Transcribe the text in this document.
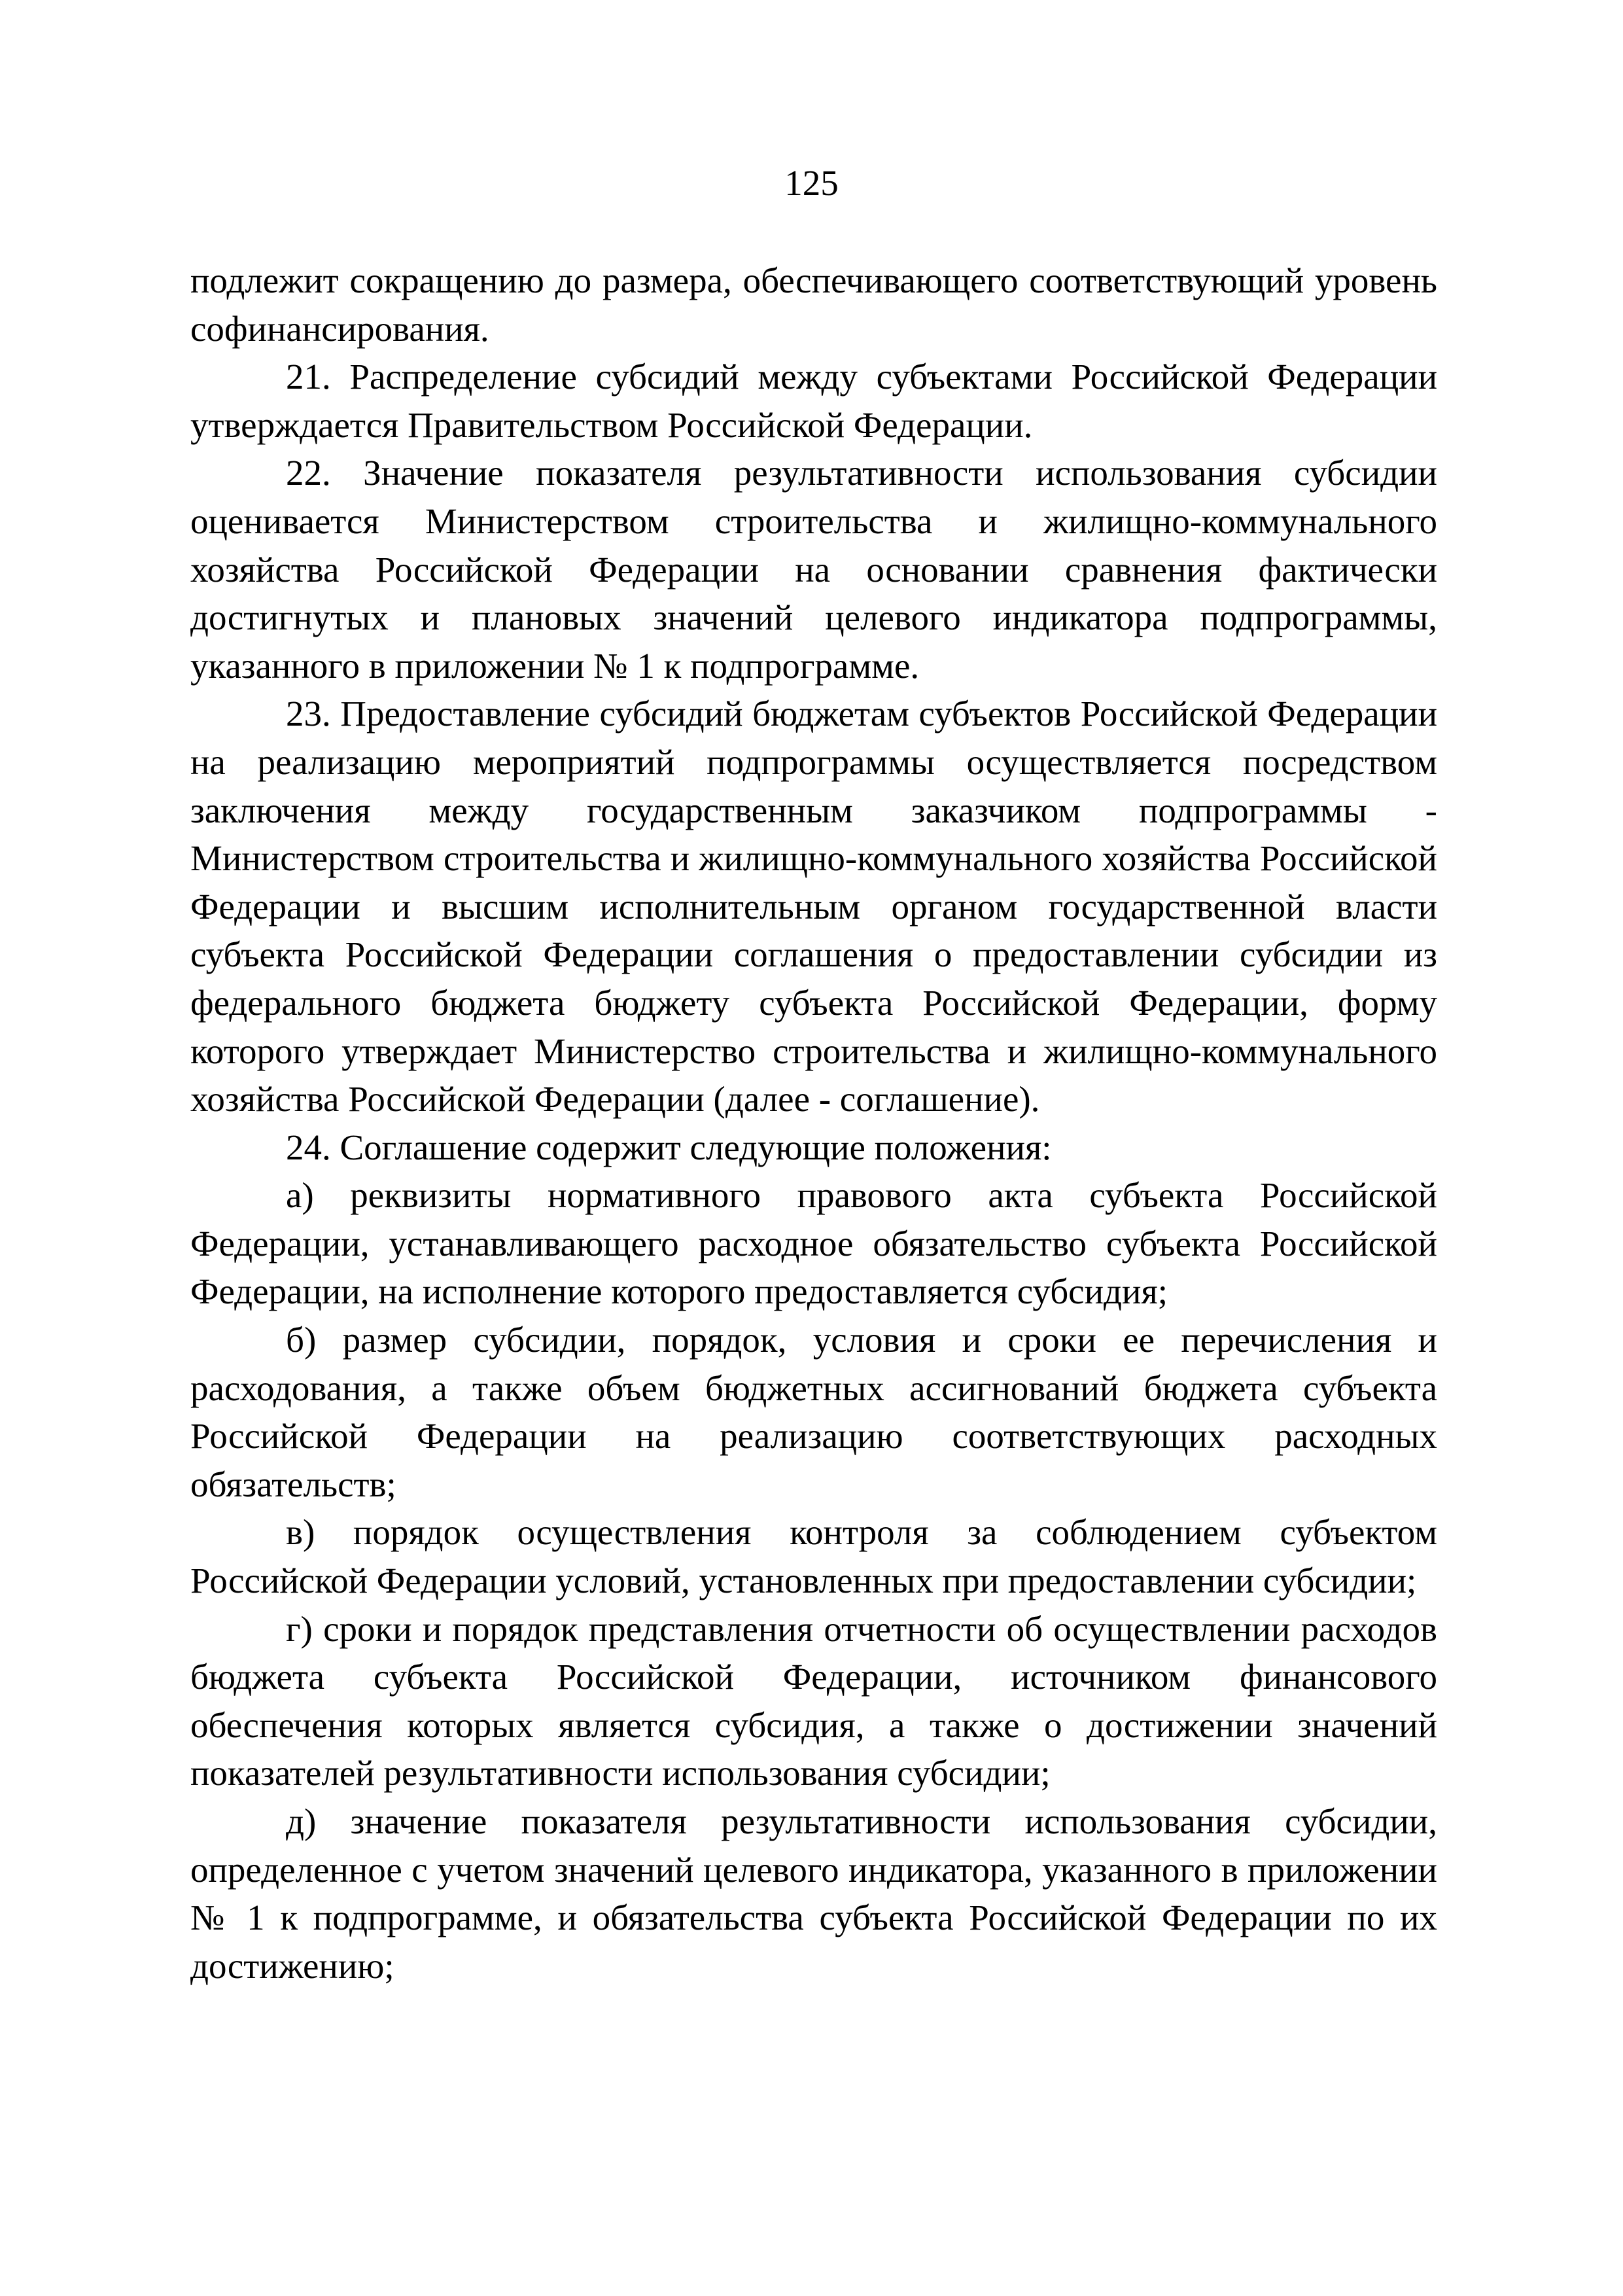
125

подлежит сокращению до размера, обеспечивающего соответствующий уровень софинансирования.

21. Распределение субсидий между субъектами Российской Федерации утверждается Правительством Российской Федерации.

22. Значение показателя результативности использования субсидии оценивается Министерством строительства и жилищно-коммунального хозяйства Российской Федерации на основании сравнения фактически достигнутых и плановых значений целевого индикатора подпрограммы, указанного в приложении № 1 к подпрограмме.

23. Предоставление субсидий бюджетам субъектов Российской Федерации на реализацию мероприятий подпрограммы осуществляется посредством заключения между государственным заказчиком подпрограммы - Министерством строительства и жилищно-коммунального хозяйства Российской Федерации и высшим исполнительным органом государственной власти субъекта Российской Федерации соглашения о предоставлении субсидии из федерального бюджета бюджету субъекта Российской Федерации, форму которого утверждает Министерство строительства и жилищно-коммунального хозяйства Российской Федерации (далее - соглашение).

24. Соглашение содержит следующие положения:

а) реквизиты нормативного правового акта субъекта Российской Федерации, устанавливающего расходное обязательство субъекта Российской Федерации, на исполнение которого предоставляется субсидия;

б) размер субсидии, порядок, условия и сроки ее перечисления и расходования, а также объем бюджетных ассигнований бюджета субъекта Российской Федерации на реализацию соответствующих расходных обязательств;

в) порядок осуществления контроля за соблюдением субъектом Российской Федерации условий, установленных при предоставлении субсидии;

г) сроки и порядок представления отчетности об осуществлении расходов бюджета субъекта Российской Федерации, источником финансового обеспечения которых является субсидия, а также о достижении значений показателей результативности использования субсидии;

д) значение показателя результативности использования субсидии, определенное с учетом значений целевого индикатора, указанного в приложении № 1 к подпрограмме, и обязательства субъекта Российской Федерации по их достижению;
